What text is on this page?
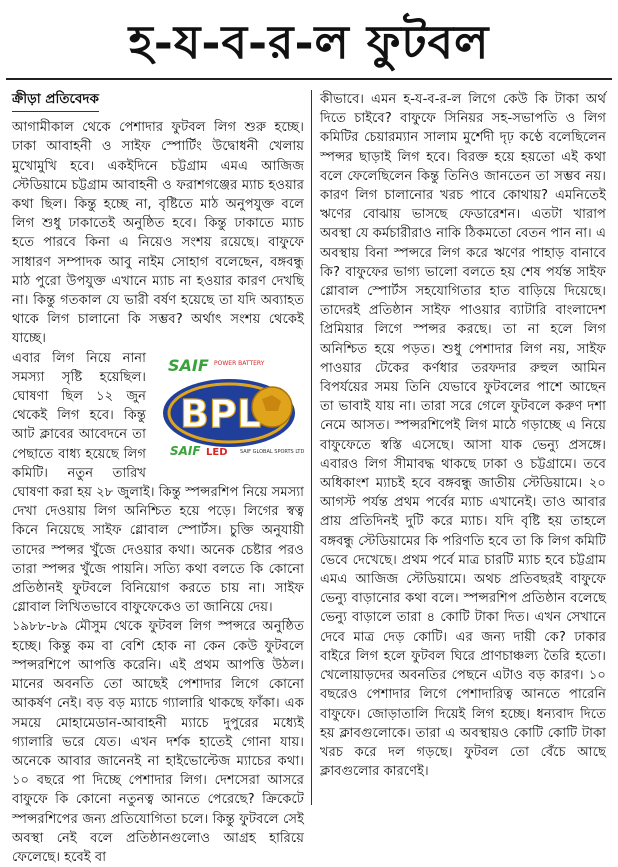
হ-য-ব-র-ল ফুটবল
ক্রীড়া প্রতিবেদক

আগামীকাল থেকে পেশাদার ফুটবল লিগ শুরু হচ্ছে। ঢাকা আবাহনী ও সাইফ স্পোর্টিং উদ্বোধনী খেলায় মুখোমুখি হবে। একইদিনে চট্টগ্রাম এমএ আজিজ স্টেডিয়ামে চট্টগ্রাম আবাহনী ও ফরাশগঞ্জের ম্যাচ হওয়ার কথা ছিল। কিন্তু হচ্ছে না, বৃষ্টিতে মাঠ অনুপযুক্ত বলে লিগ শুধু ঢাকাতেই অনুষ্ঠিত হবে। কিন্তু ঢাকাতে ম্যাচ হতে পারবে কিনা এ নিয়েও সংশয় রয়েছে। বাফুফে সাধারণ সম্পাদক আবু নাইম সোহাগ বলেছেন, বঙ্গবন্ধু মাঠ পুরো উপযুক্ত এখানে ম্যাচ না হওয়ার কারণ দেখছি না। কিন্তু গতকাল যে ভারী বর্ষণ হয়েছে তা যদি অব্যাহত থাকে লিগ চালানো কি সম্ভব? অর্থাৎ সংশয় থেকেই যাচ্ছে।

SAIF POWER BATTERY
BPL
SAIF LED SAIF GLOBAL SPORTS LTD

এবার লিগ নিয়ে নানা সমস্যা সৃষ্টি হয়েছিল। ঘোষণা ছিল ১২ জুন থেকেই লিগ হবে। কিন্তু আট ক্লাবের আবেদনে তা পেছাতে বাধ্য হয়েছে লিগ কমিটি। নতুন তারিখ ঘোষণা করা হয় ২৮ জুলাই। কিন্তু স্পন্সরশিপ নিয়ে সমস্যা দেখা দেওয়ায় লিগ অনিশ্চিত হয়ে পড়ে। লিগের স্বত্ব কিনে নিয়েছে সাইফ গ্লোবাল স্পোর্টস। চুক্তি অনুযায়ী তাদের স্পন্সর খুঁজে দেওয়ার কথা। অনেক চেষ্টার পরও তারা স্পন্সর খুঁজে পায়নি। সত্যি কথা বলতে কি কোনো প্রতিষ্ঠানই ফুটবলে বিনিয়োগ করতে চায় না। সাইফ গ্লোবাল লিখিতভাবে বাফুফেকেও তা জানিয়ে দেয়।

১৯৮৮-৮৯ মৌসুম থেকে ফুটবল লিগ স্পন্সরে অনুষ্ঠিত হচ্ছে। কিন্তু কম বা বেশি হোক না কেন কেউ ফুটবলে স্পন্সরশিপে আপত্তি করেনি। এই প্রথম আপত্তি উঠল। মানের অবনতি তো আছেই পেশাদার লিগে কোনো আকর্ষণ নেই। বড় বড় ম্যাচে গ্যালারি থাকছে ফাঁকা। এক সময়ে মোহামেডান-আবাহনী ম্যাচে দুপুরের মধ্যেই গ্যালারি ভরে যেত। এখন দর্শক হাতেই গোনা যায়। অনেকে আবার জানেনই না হাইভোল্টেজ ম্যাচের কথা। ১০ বছরে পা দিচ্ছে পেশাদার লিগ। দেশসেরা আসরে বাফুফে কি কোনো নতুনত্ব আনতে পেরেছে? ক্রিকেটে স্পন্সরশিপের জন্য প্রতিযোগিতা চলে। কিন্তু ফুটবলে সেই অবস্থা নেই বলে প্রতিষ্ঠানগুলোও আগ্রহ হারিয়ে ফেলেছে। হবেই বা

কীভাবে। এমন হ-য-ব-র-ল লিগে কেউ কি টাকা অর্থ দিতে চাইবে? বাফুফে সিনিয়র সহ-সভাপতি ও লিগ কমিটির চেয়ারম্যান সালাম মুর্শেদী দৃঢ় কণ্ঠে বলেছিলেন স্পন্সর ছাড়াই লিগ হবে। বিরক্ত হয়ে হয়তো এই কথা বলে ফেলেছিলেন কিন্তু তিনিও জানতেন তা সম্ভব নয়। কারণ লিগ চালানোর খরচ পাবে কোথায়? এমনিতেই ঋণের বোঝায় ভাসছে ফেডারেশন। এতটা খারাপ অবস্থা যে কর্মচারীরাও নাকি ঠিকমতো বেতন পান না। এ অবস্থায় বিনা স্পন্সরে লিগ করে ঋণের পাহাড় বানাবে কি? বাফুফের ভাগ্য ভালো বলতে হয় শেষ পর্যন্ত সাইফ গ্লোবাল স্পোর্টস সহযোগিতার হাত বাড়িয়ে দিয়েছে। তাদেরই প্রতিষ্ঠান সাইফ পাওয়ার ব্যাটারি বাংলাদেশ প্রিমিয়ার লিগে স্পন্সর করছে। তা না হলে লিগ অনিশ্চিত হয়ে পড়ত। শুধু পেশাদার লিগ নয়, সাইফ পাওয়ার টেকের কর্ণধার তরফদার রুহুল আমিন বিপর্যয়ের সময় তিনি যেভাবে ফুটবলের পাশে আছেন তা ভাবাই যায় না। তারা সরে গেলে ফুটবলে করুণ দশা নেমে আসত। স্পন্সরশিপেই লিগ মাঠে গড়াচ্ছে এ নিয়ে বাফুফেতে স্বস্তি এসেছে। আসা যাক ভেন্যু প্রসঙ্গে। এবারও লিগ সীমাবদ্ধ থাকছে ঢাকা ও চট্টগ্রামে। তবে অধিকাংশ ম্যাচই হবে বঙ্গবন্ধু জাতীয় স্টেডিয়ামে। ২০ আগস্ট পর্যন্ত প্রথম পর্বের ম্যাচ এখানেই। তাও আবার প্রায় প্রতিদিনই দুটি করে ম্যাচ। যদি বৃষ্টি হয় তাহলে বঙ্গবন্ধু স্টেডিয়ামের কি পরিণতি হবে তা কি লিগ কমিটি ভেবে দেখেছে। প্রথম পর্বে মাত্র চারটি ম্যাচ হবে চট্টগ্রাম এমএ আজিজ স্টেডিয়ামে। অথচ প্রতিবছরই বাফুফে ভেন্যু বাড়ানোর কথা বলে। স্পন্সরশিপ প্রতিষ্ঠান বলেছে ভেন্যু বাড়ালে তারা ৪ কোটি টাকা দিত। এখন সেখানে দেবে মাত্র দেড় কোটি। এর জন্য দায়ী কে? ঢাকার বাইরে লিগ হলে ফুটবল ঘিরে প্রাণচাঞ্চল্য তৈরি হতো। খেলোয়াড়দের অবনতির পেছনে এটাও বড় কারণ। ১০ বছরেও পেশাদার লিগে পেশাদারিত্ব আনতে পারেনি বাফুফে। জোড়াতালি দিয়েই লিগ হচ্ছে। ধন্যবাদ দিতে হয় ক্লাবগুলোকে। তারা এ অবস্থায়ও কোটি কোটি টাকা খরচ করে দল গড়ছে। ফুটবল তো বেঁচে আছে ক্লাবগুলোর কারণেই।
